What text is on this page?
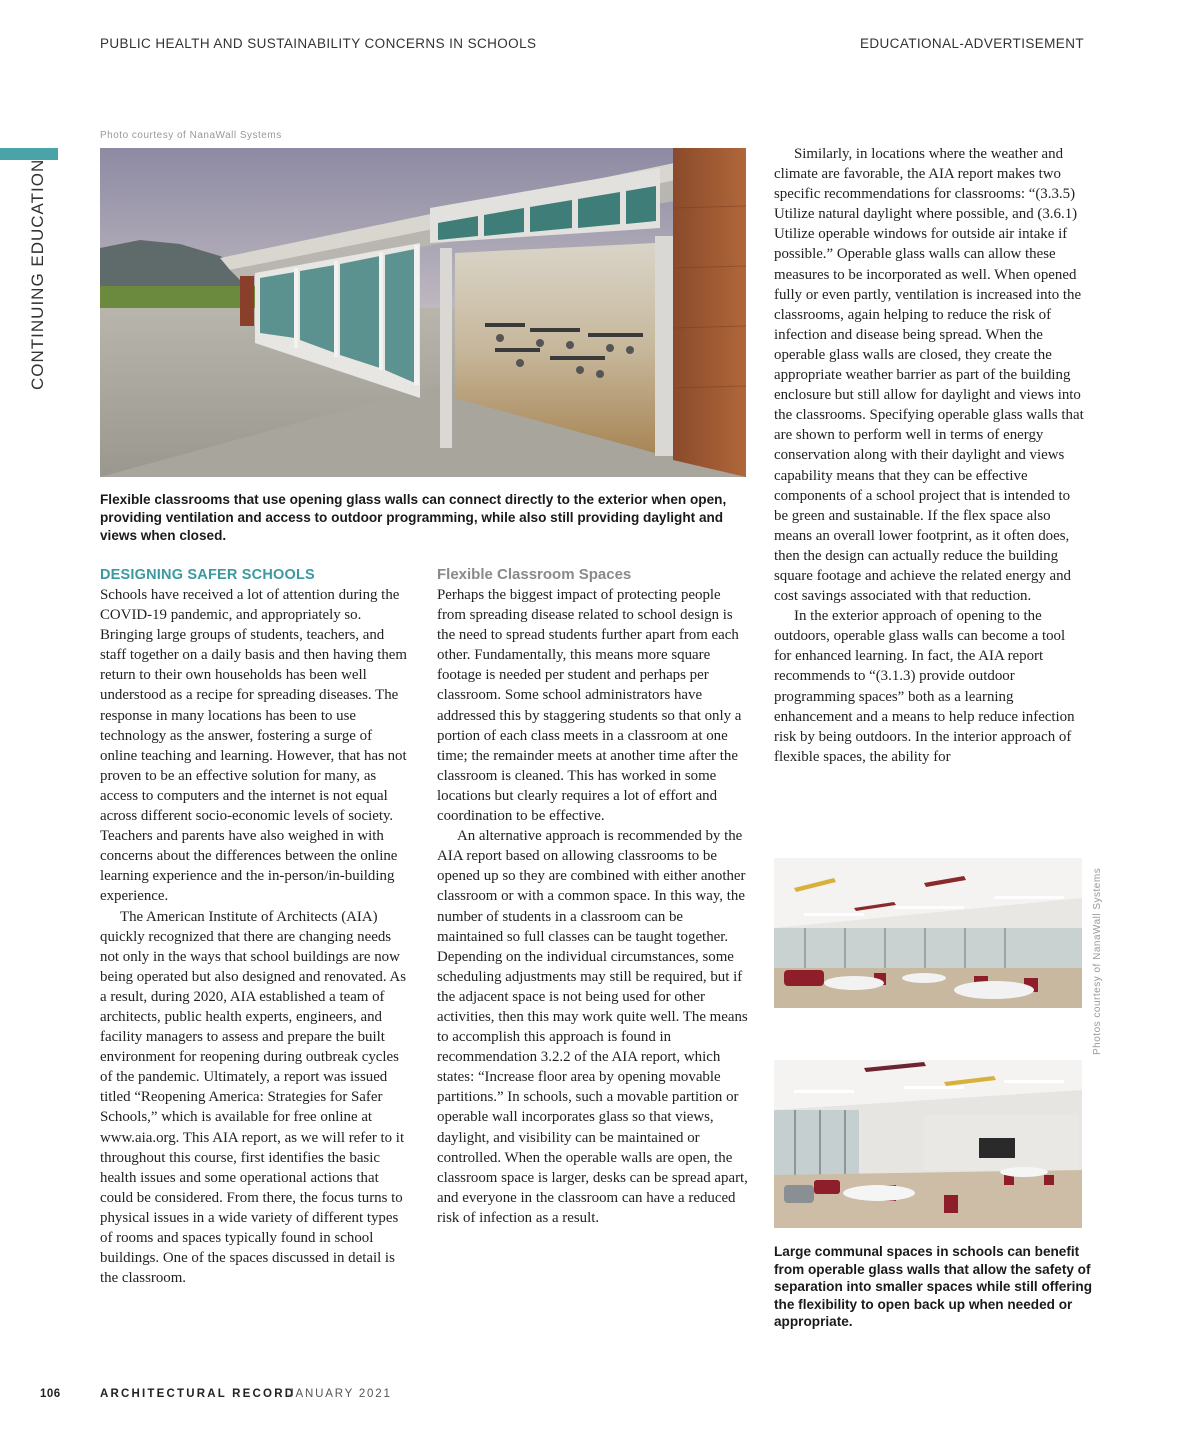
PUBLIC HEALTH AND SUSTAINABILITY CONCERNS IN SCHOOLS	EDUCATIONAL-ADVERTISEMENT
CONTINUING EDUCATION
Photo courtesy of NanaWall Systems
Flexible classrooms that use opening glass walls can connect directly to the exterior when open, providing ventilation and access to outdoor programming, while also still providing daylight and views when closed.
DESIGNING SAFER SCHOOLS

Schools have received a lot of attention during the COVID-19 pandemic, and appropriately so. Bringing large groups of students, teachers, and staff together on a daily basis and then having them return to their own households has been well understood as a recipe for spreading diseases. The response in many locations has been to use technology as the answer, fostering a surge of online teaching and learning. However, that has not proven to be an effective solution for many, as access to computers and the internet is not equal across different socio-economic levels of society. Teachers and parents have also weighed in with concerns about the differences between the online learning experience and the in-person/in-building experience.

The American Institute of Architects (AIA) quickly recognized that there are changing needs not only in the ways that school buildings are now being operated but also designed and renovated. As a result, during 2020, AIA established a team of architects, public health experts, engineers, and facility managers to assess and prepare the built environment for reopening during outbreak cycles of the pandemic. Ultimately, a report was issued titled “Reopening America: Strategies for Safer Schools,” which is available for free online at www.aia.org. This AIA report, as we will refer to it throughout this course, first identifies the basic health issues and some operational actions that could be considered. From there, the focus turns to physical issues in a wide variety of different types of rooms and spaces typically found in school buildings. One of the spaces discussed in detail is the classroom.

Flexible Classroom Spaces

Perhaps the biggest impact of protecting people from spreading disease related to school design is the need to spread students further apart from each other. Fundamentally, this means more square footage is needed per student and perhaps per classroom. Some school administrators have addressed this by staggering students so that only a portion of each class meets in a classroom at one time; the remainder meets at another time after the classroom is cleaned. This has worked in some locations but clearly requires a lot of effort and coordination to be effective.

An alternative approach is recommended by the AIA report based on allowing classrooms to be opened up so they are combined with either another classroom or with a common space. In this way, the number of students in a classroom can be maintained so full classes can be taught together. Depending on the individual circumstances, some scheduling adjustments may still be required, but if the adjacent space is not being used for other activities, then this may work quite well. The means to accomplish this approach is found in recommendation 3.2.2 of the AIA report, which states: “Increase floor area by opening movable partitions.” In schools, such a movable partition or operable wall incorporates glass so that views, daylight, and visibility can be maintained or controlled. When the operable walls are open, the classroom space is larger, desks can be spread apart, and everyone in the classroom can have a reduced risk of infection as a result.

Similarly, in locations where the weather and climate are favorable, the AIA report makes two specific recommendations for classrooms: “(3.3.5) Utilize natural daylight where possible, and (3.6.1) Utilize operable windows for outside air intake if possible.” Operable glass walls can allow these measures to be incorporated as well. When opened fully or even partly, ventilation is increased into the classrooms, again helping to reduce the risk of infection and disease being spread. When the operable glass walls are closed, they create the appropriate weather barrier as part of the building enclosure but still allow for daylight and views into the classrooms. Specifying operable glass walls that are shown to perform well in terms of energy conservation along with their daylight and views capability means that they can be effective components of a school project that is intended to be green and sustainable. If the flex space also means an overall lower footprint, as it often does, then the design can actually reduce the building square footage and achieve the related energy and cost savings associated with that reduction.

In the exterior approach of opening to the outdoors, operable glass walls can become a tool for enhanced learning. In fact, the AIA report recommends to “(3.1.3) provide outdoor programming spaces” both as a learning enhancement and a means to help reduce infection risk by being outdoors. In the interior approach of flexible spaces, the ability for

Photos courtesy of NanaWall Systems
Large communal spaces in schools can benefit from operable glass walls that allow the safety of separation into smaller spaces while still offering the flexibility to open back up when needed or appropriate.
106	ARCHITECTURAL RECORD
JANUARY 2021
